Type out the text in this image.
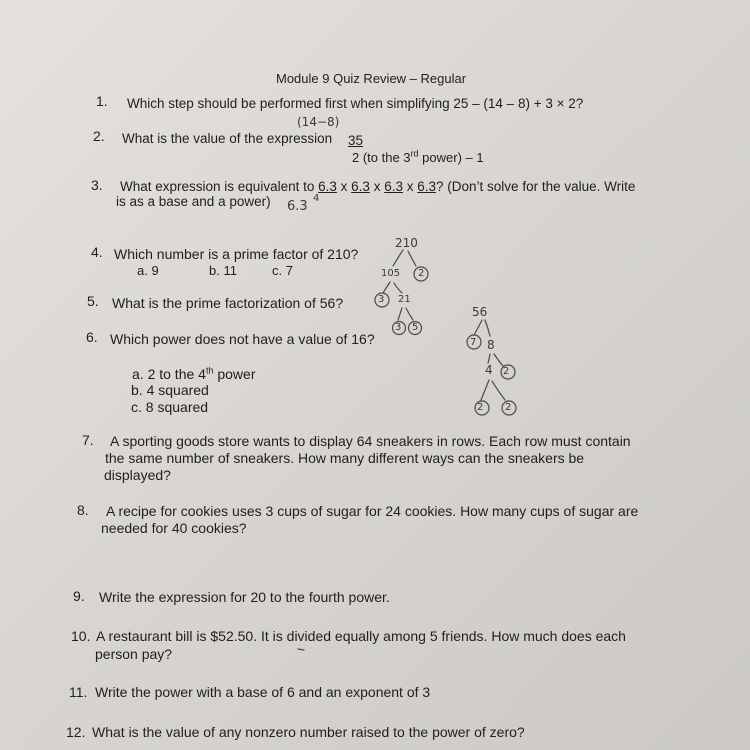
Module 9 Quiz Review – Regular
1. Which step should be performed first when simplifying 25 – (14 – 8) + 3 × 2?
2. What is the value of the expression 35
2 (to the 3rd power) – 1
3. What expression is equivalent to 6.3 x 6.3 x 6.3 x 6.3? (Don’t solve for the value. Write
is as a base and a power)
4. Which number is a prime factor of 210?
a. 9	b. 11	c. 7
5. What is the prime factorization of 56?
6. Which power does not have a value of 16?
a. 2 to the 4th power
b. 4 squared
c. 8 squared
7. A sporting goods store wants to display 64 sneakers in rows. Each row must contain
the same number of sneakers. How many different ways can the sneakers be
displayed?
8. A recipe for cookies uses 3 cups of sugar for 24 cookies. How many cups of sugar are
needed for 40 cookies?
9. Write the expression for 20 to the fourth power.
10. A restaurant bill is $52.50. It is divided equally among 5 friends. How much does each
person pay?
11. Write the power with a base of 6 and an exponent of 3
12. What is the value of any nonzero number raised to the power of zero?
(14−8)
6.3
4
210
105 2
3 21
3 5
56
7 8
4 2
2 2
